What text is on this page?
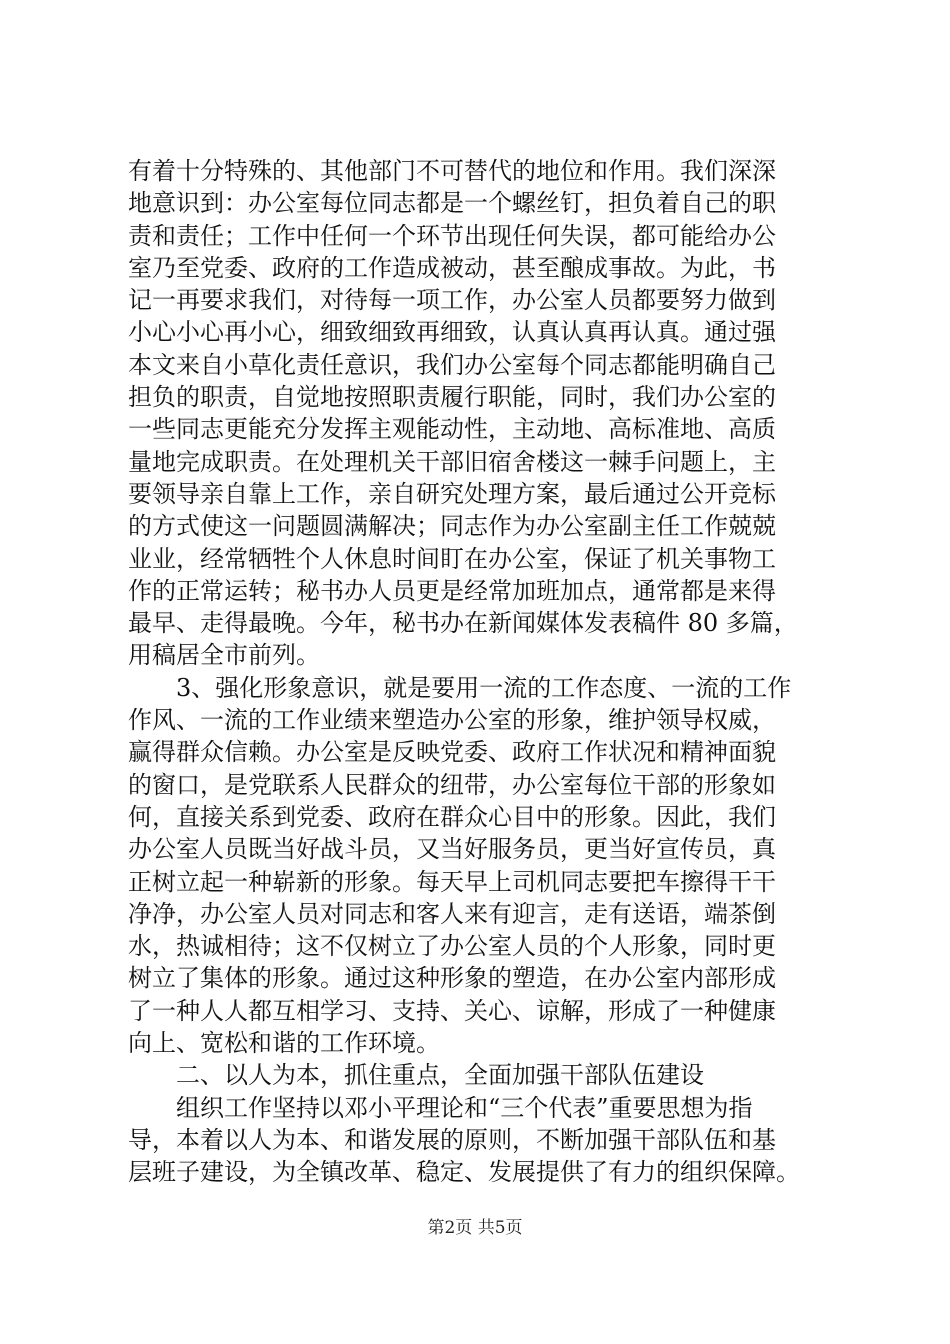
有着十分特殊的、其他部门不可替代的地位和作用。我们深深
地意识到：办公室每位同志都是一个螺丝钉，担负着自己的职
责和责任；工作中任何一个环节出现任何失误，都可能给办公
室乃至党委、政府的工作造成被动，甚至酿成事故。为此，书
记一再要求我们，对待每一项工作，办公室人员都要努力做到
小心小心再小心，细致细致再细致，认真认真再认真。通过强
本文来自小草化责任意识，我们办公室每个同志都能明确自己
担负的职责，自觉地按照职责履行职能，同时，我们办公室的
一些同志更能充分发挥主观能动性，主动地、高标准地、高质
量地完成职责。在处理机关干部旧宿舍楼这一棘手问题上，主
要领导亲自靠上工作，亲自研究处理方案，最后通过公开竞标
的方式使这一问题圆满解决；同志作为办公室副主任工作兢兢
业业，经常牺牲个人休息时间盯在办公室，保证了机关事物工
作的正常运转；秘书办人员更是经常加班加点，通常都是来得
最早、走得最晚。今年，秘书办在新闻媒体发表稿件 80 多篇，
用稿居全市前列。
3、强化形象意识，就是要用一流的工作态度、一流的工作
作风、一流的工作业绩来塑造办公室的形象，维护领导权威，
赢得群众信赖。办公室是反映党委、政府工作状况和精神面貌
的窗口，是党联系人民群众的纽带，办公室每位干部的形象如
何，直接关系到党委、政府在群众心目中的形象。因此，我们
办公室人员既当好战斗员，又当好服务员，更当好宣传员，真
正树立起一种崭新的形象。每天早上司机同志要把车擦得干干
净净，办公室人员对同志和客人来有迎言，走有送语，端茶倒
水，热诚相待；这不仅树立了办公室人员的个人形象，同时更
树立了集体的形象。通过这种形象的塑造，在办公室内部形成
了一种人人都互相学习、支持、关心、谅解，形成了一种健康
向上、宽松和谐的工作环境。
二、以人为本，抓住重点，全面加强干部队伍建设
组织工作坚持以邓小平理论和“三个代表”重要思想为指
导，本着以人为本、和谐发展的原则，不断加强干部队伍和基
层班子建设，为全镇改革、稳定、发展提供了有力的组织保障。
第2页 共5页
